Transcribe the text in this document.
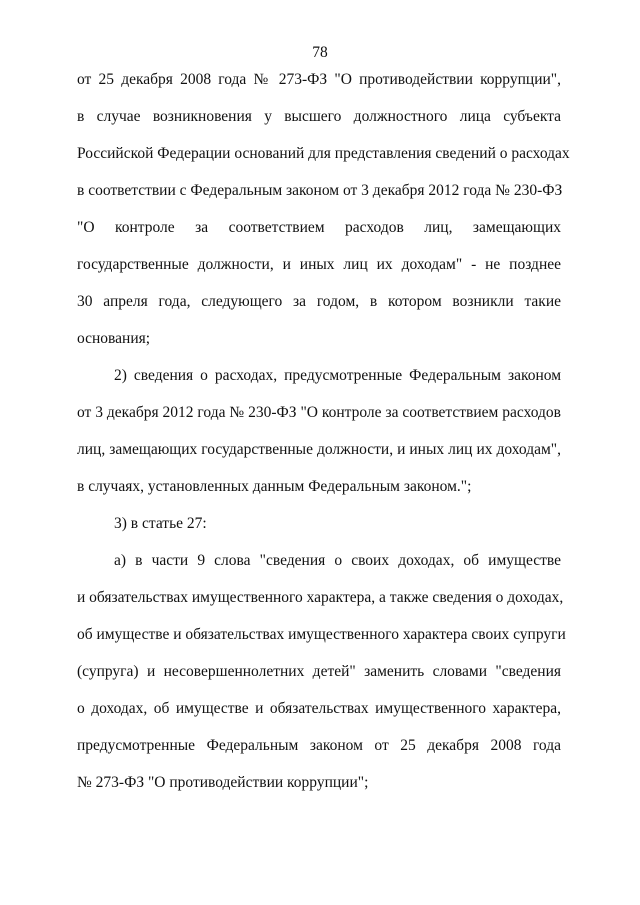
78
от 25 декабря 2008 года № 273-ФЗ "О противодействии коррупции",
в случае возникновения у высшего должностного лица субъекта
Российской Федерации оснований для представления сведений о расходах
в соответствии с Федеральным законом от 3 декабря 2012 года № 230-ФЗ
"О контроле за соответствием расходов лиц, замещающих
государственные должности, и иных лиц их доходам" - не позднее
30 апреля года, следующего за годом, в котором возникли такие
основания;
2) сведения о расходах, предусмотренные Федеральным законом
от 3 декабря 2012 года № 230-ФЗ "О контроле за соответствием расходов
лиц, замещающих государственные должности, и иных лиц их доходам",
в случаях, установленных данным Федеральным законом.";
3) в статье 27:
а) в части 9 слова "сведения о своих доходах, об имуществе
и обязательствах имущественного характера, а также сведения о доходах,
об имуществе и обязательствах имущественного характера своих супруги
(супруга) и несовершеннолетних детей" заменить словами "сведения
о доходах, об имуществе и обязательствах имущественного характера,
предусмотренные Федеральным законом от 25 декабря 2008 года
№ 273-ФЗ "О противодействии коррупции";
